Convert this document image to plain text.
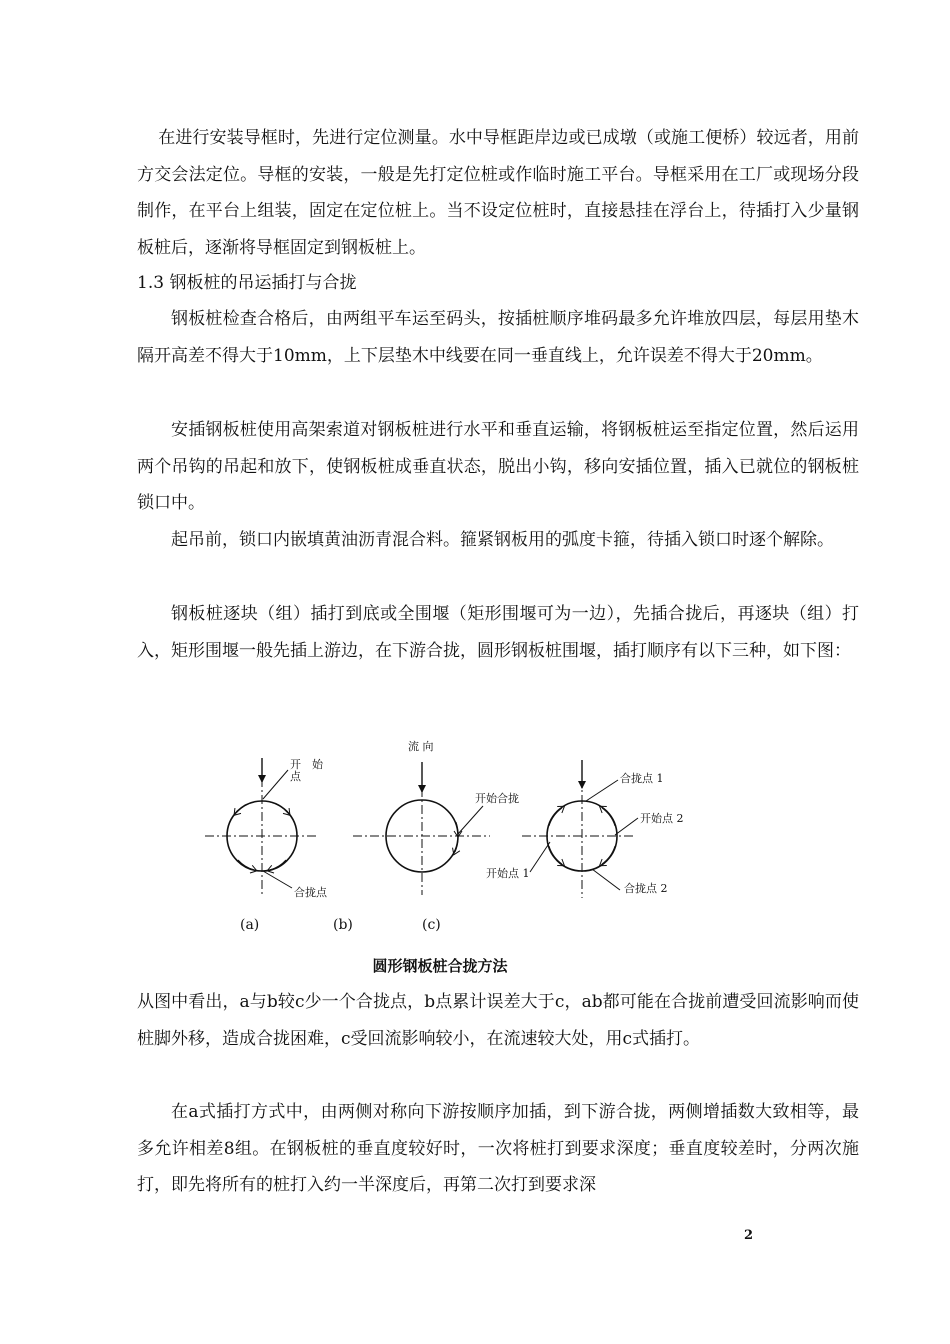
在进行安装导框时，先进行定位测量。水中导框距岸边或已成墩（或施工便桥）较远者，用前方交会法定位。导框的安装，一般是先打定位桩或作临时施工平台。导框采用在工厂或现场分段制作，在平台上组装，固定在定位桩上。当不设定位桩时，直接悬挂在浮台上，待插打入少量钢板桩后，逐渐将导框固定到钢板桩上。

1.3 钢板桩的吊运插打与合拢

钢板桩检查合格后，由两组平车运至码头，按插桩顺序堆码最多允许堆放四层，每层用垫木隔开高差不得大于10mm，上下层垫木中线要在同一垂直线上，允许误差不得大于20mm。

安插钢板桩使用高架索道对钢板桩进行水平和垂直运输，将钢板桩运至指定位置，然后运用两个吊钩的吊起和放下，使钢板桩成垂直状态，脱出小钩，移向安插位置，插入已就位的钢板桩锁口中。

起吊前，锁口内嵌填黄油沥青混合料。箍紧钢板用的弧度卡箍，待插入锁口时逐个解除。

钢板桩逐块（组）插打到底或全围堰（矩形围堰可为一边），先插合拢后，再逐块（组）打入，矩形围堰一般先插上游边，在下游合拢，圆形钢板桩围堰，插打顺序有以下三种，如下图：

开　始
点
合拢点
流 向
开始合拢
合拢点 1
开始点 2
开始点 1
合拢点 2
(a)	(b)	(c)
圆形钢板桩合拢方法

从图中看出，a与b较c少一个合拢点，b点累计误差大于c，ab都可能在合拢前遭受回流影响而使桩脚外移，造成合拢困难，c受回流影响较小，在流速较大处，用c式插打。

在a式插打方式中，由两侧对称向下游按顺序加插，到下游合拢，两侧增插数大致相等，最多允许相差8组。在钢板桩的垂直度较好时，一次将桩打到要求深度；垂直度较差时，分两次施打，即先将所有的桩打入约一半深度后，再第二次打到要求深

2
